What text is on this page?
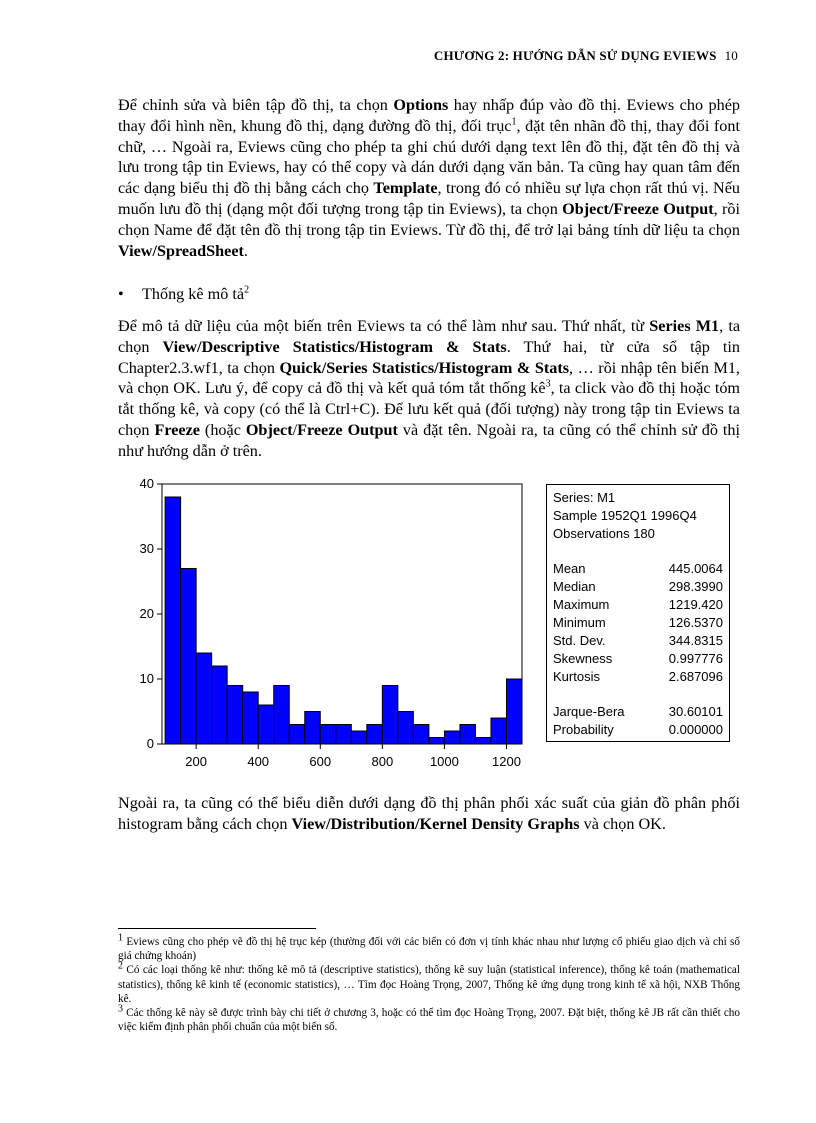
CHƯƠNG 2: HƯỚNG DẪN SỬ DỤNG EVIEWS 10

Để chỉnh sửa và biên tập đồ thị, ta chọn Options hay nhấp đúp vào đồ thị. Eviews cho phép thay đổi hình nền, khung đồ thị, dạng đường đồ thị, đối trục$^1$, đặt tên nhãn đồ thị, thay đổi font chữ, … Ngoài ra, Eviews cũng cho phép ta ghi chú dưới dạng text lên đồ thị, đặt tên đồ thị và lưu trong tập tin Eviews, hay có thể copy và dán dưới dạng văn bản. Ta cũng hay quan tâm đến các dạng biểu thị đồ thị bằng cách chọ Template, trong đó có nhiều sự lựa chọn rất thú vị. Nếu muốn lưu đồ thị (dạng một đối tượng trong tập tin Eviews), ta chọn Object/Freeze Output, rồi chọn Name để đặt tên đồ thị trong tập tin Eviews. Từ đồ thị, để trở lại bảng tính dữ liệu ta chọn View/SpreadSheet.

• Thống kê mô tả$^2$

Để mô tả dữ liệu của một biến trên Eviews ta có thể làm như sau. Thứ nhất, từ Series M1, ta chọn View/Descriptive Statistics/Histogram & Stats. Thứ hai, từ cửa sổ tập tin Chapter2.3.wf1, ta chọn Quick/Series Statistics/Histogram & Stats, … rồi nhập tên biến M1, và chọn OK. Lưu ý, để copy cả đồ thị và kết quả tóm tắt thống $kê^3$, ta click vào đồ thị hoặc tóm tắt thống kê, và copy (có thể là Ctrl+C). Để lưu kết quả (đối tượng) này trong tập tin Eviews ta chọn Freeze (hoặc Object/Freeze Output và đặt tên. Ngoài ra, ta cũng có thể chỉnh sử đồ thị như hướng dẫn ở trên.

0
10
20
30
40
200	400	600	800	1000	1200
Series: M1
Sample 1952Q1 1996Q4
Observations 180
Mean	445.0064
Median	298.3990
Maximum	1219.420
Minimum	126.5370
Std. Dev.	344.8315
Skewness	0.997776
Kurtosis	2.687096
Jarque-Bera	30.60101
Probability	0.000000

Ngoài ra, ta cũng có thể biểu diễn dưới dạng đồ thị phân phối xác suất của giản đồ phân phối histogram bằng cách chọn View/Distribution/Kernel Density Graphs và chọn OK.

$^1$ Eviews cũng cho phép vẽ đồ thị hệ trục kép (thường đối với các biến có đơn vị tính khác nhau như lượng cổ phiếu giao dịch và chỉ số giá chứng khoán)

$^2$ Có các loại thống kê như: thống kê mô tả (descriptive statistics), thống kê suy luận (statistical inference), thống kê toán (mathematical statistics), thống kê kinh tế (economic statistics), … Tìm đọc Hoàng Trọng, 2007, Thống kê ứng dụng trong kinh tế xã hội, NXB Thống kê.

$^3$ Các thống kê này sẽ được trình bày chi tiết ở chương 3, hoặc có thể tìm đọc Hoàng Trọng, 2007. Đặt biệt, thống kê JB rất cần thiết cho việc kiểm định phân phối chuẩn của một biến số.
